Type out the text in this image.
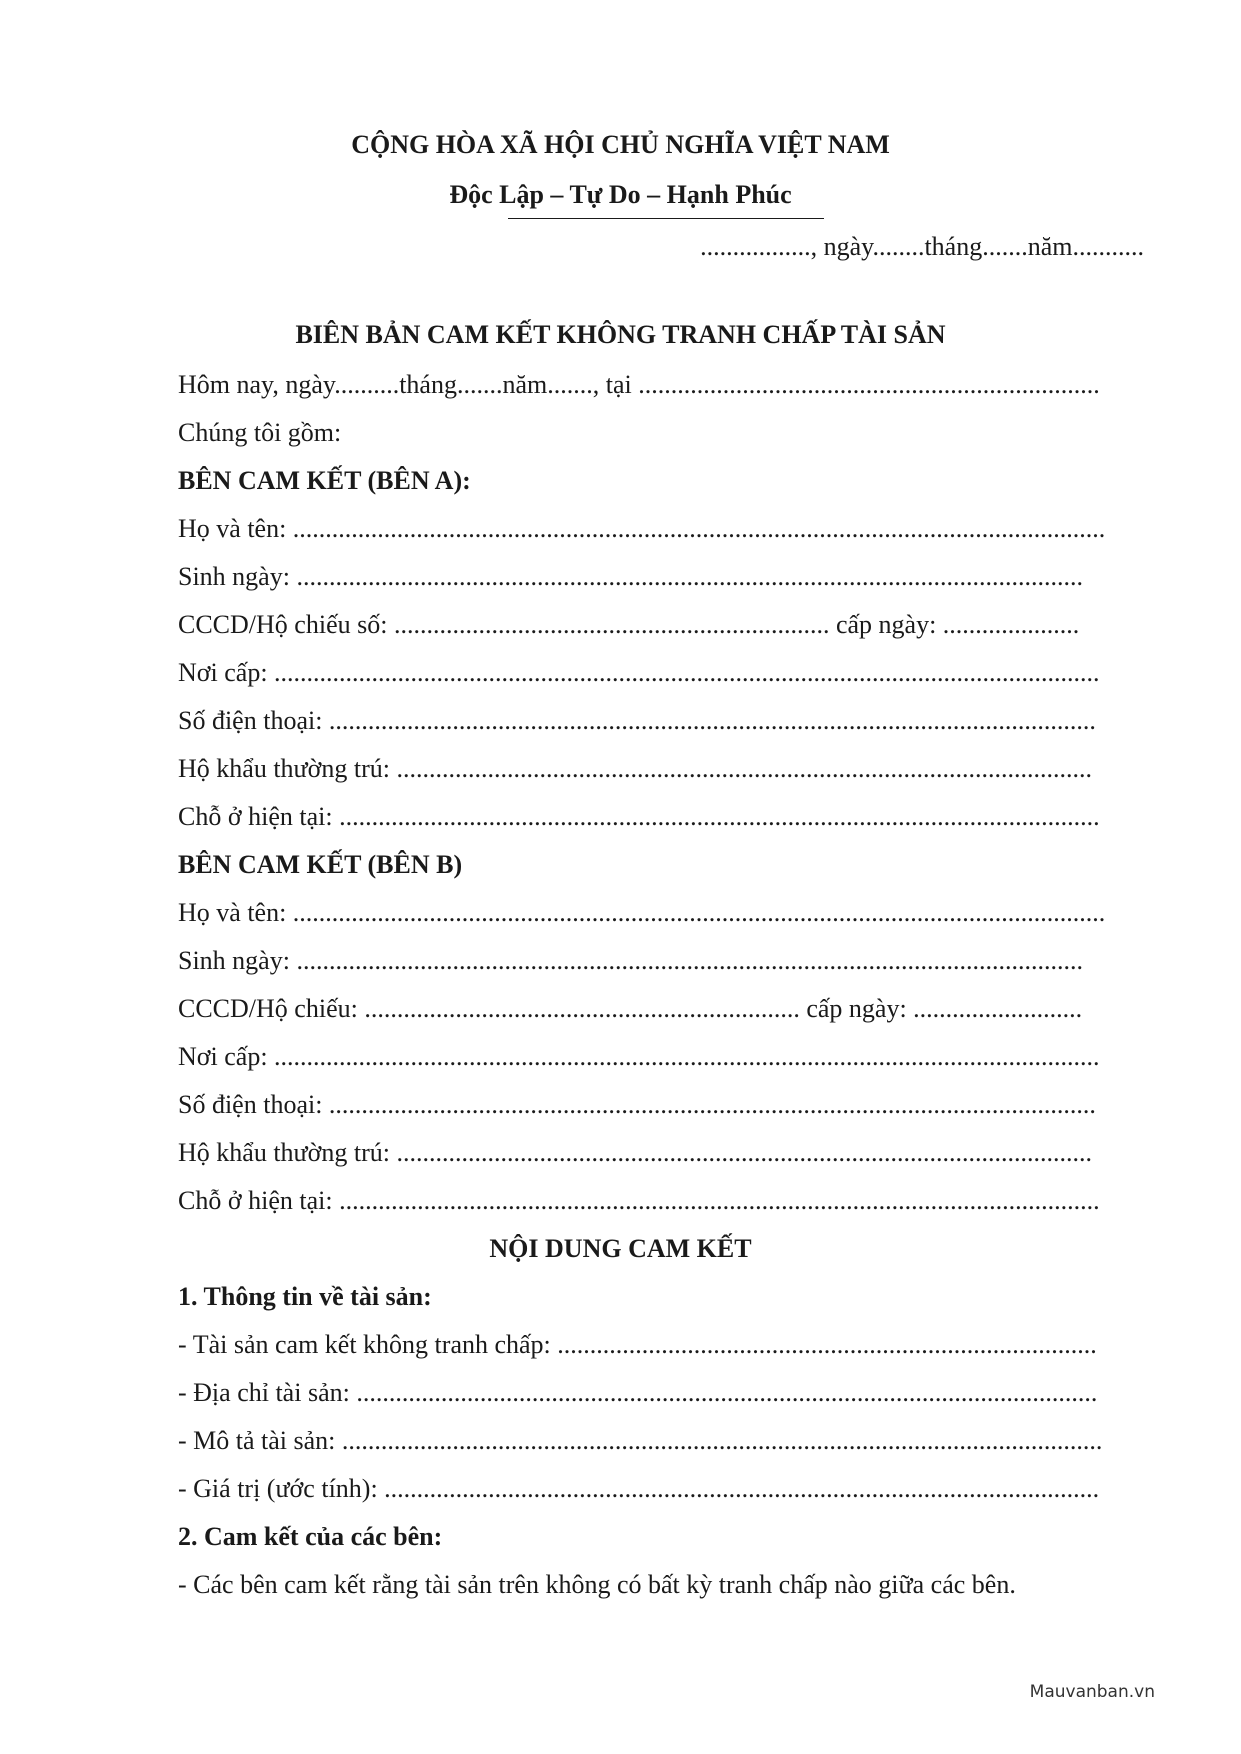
CỘNG HÒA XÃ HỘI CHỦ NGHĨA VIỆT NAM
Độc Lập – Tự Do – Hạnh Phúc
................., ngày........tháng.......năm...........
BIÊN BẢN CAM KẾT KHÔNG TRANH CHẤP TÀI SẢN
Hôm nay, ngày..........tháng.......năm......., tại .......................................................................
Chúng tôi gồm:
BÊN CAM KẾT (BÊN A):
Họ và tên: .............................................................................................................................
Sinh ngày: .........................................................................................................................
CCCD/Hộ chiếu số: ................................................................... cấp ngày: .....................
Nơi cấp: ...............................................................................................................................
Số điện thoại: ......................................................................................................................
Hộ khẩu thường trú: ...........................................................................................................
Chỗ ở hiện tại: .....................................................................................................................
BÊN CAM KẾT (BÊN B)
Họ và tên: .............................................................................................................................
Sinh ngày: .........................................................................................................................
CCCD/Hộ chiếu: ................................................................... cấp ngày: ..........................
Nơi cấp: ...............................................................................................................................
Số điện thoại: ......................................................................................................................
Hộ khẩu thường trú: ...........................................................................................................
Chỗ ở hiện tại: .....................................................................................................................
NỘI DUNG CAM KẾT
1. Thông tin về tài sản:
- Tài sản cam kết không tranh chấp: ...................................................................................
- Địa chỉ tài sản: ..................................................................................................................
- Mô tả tài sản: .....................................................................................................................
- Giá trị (ước tính): ..............................................................................................................
2. Cam kết của các bên:
- Các bên cam kết rằng tài sản trên không có bất kỳ tranh chấp nào giữa các bên.
Mauvanban.vn
